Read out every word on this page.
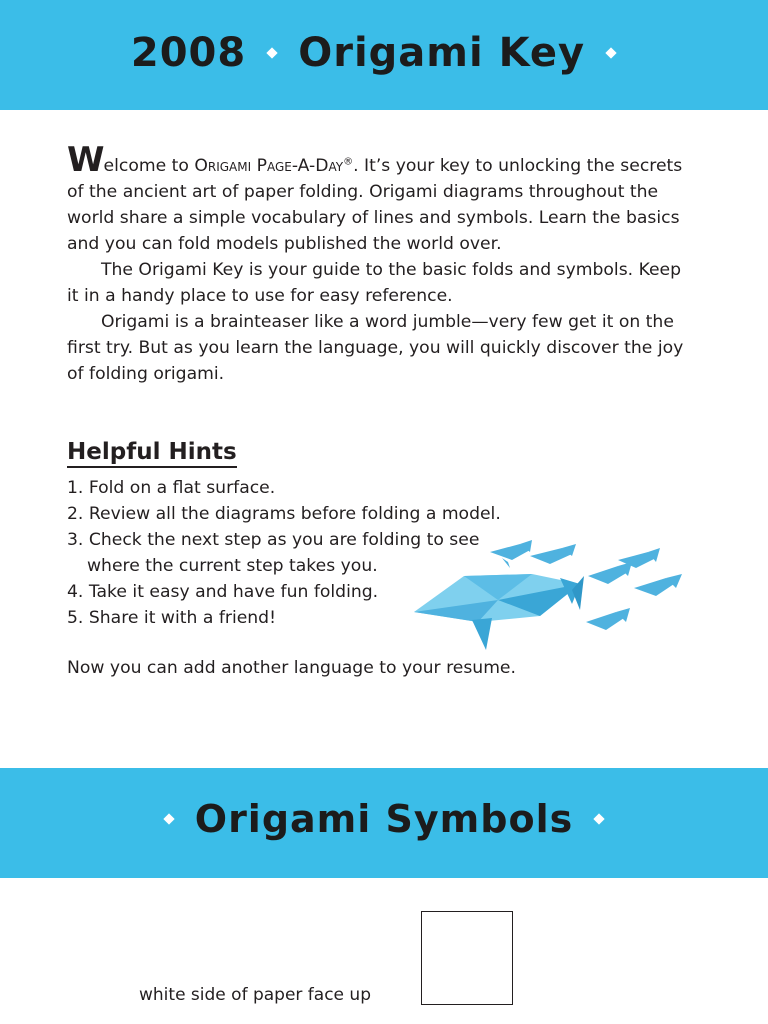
2008 Origami Key

Welcome to Origami Page-A-Day®. It’s your key to unlocking the secrets of the ancient art of paper folding. Origami diagrams throughout the world share a simple vocabulary of lines and symbols. Learn the basics and you can fold models published the world over.

The Origami Key is your guide to the basic folds and symbols. Keep it in a handy place to use for easy reference.

Origami is a brainteaser like a word jumble—very few get it on the first try. But as you learn the language, you will quickly discover the joy of folding origami.

Helpful Hints
1. Fold on a flat surface.
2. Review all the diagrams before folding a model.
3. Check the next step as you are folding to see where the current step takes you.
4. Take it easy and have fun folding.
5. Share it with a friend!
Now you can add another language to your resume.
Origami Symbols
white side of paper face up
